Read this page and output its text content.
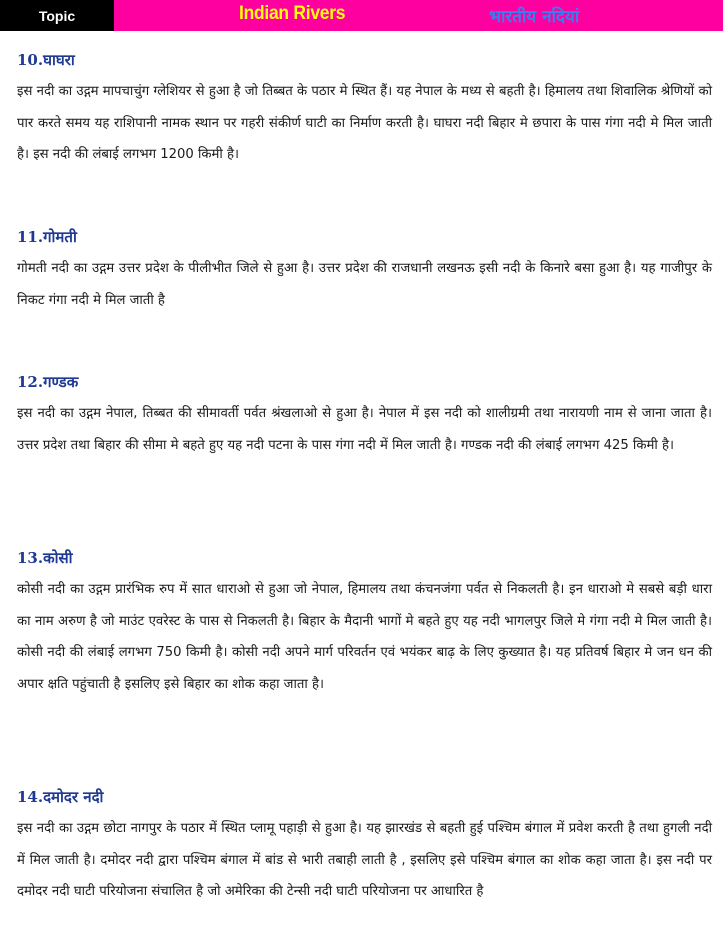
Topic	Indian Rivers	भारतीय नदियां
10.घाघरा

इस नदी का उद्गम मापचाचुंग ग्लेशियर से हुआ है जो तिब्बत के पठार मे स्थित हैं। यह नेपाल के मध्य से बहती है। हिमालय तथा शिवालिक श्रेणियों को पार करते समय यह राशिपानी नामक स्थान पर गहरी संकीर्ण घाटी का निर्माण करती है। घाघरा नदी बिहार मे छपारा के पास गंगा नदी मे मिल जाती है। इस नदी की लंबाई लगभग 1200 किमी है।

11.गोमती

गोमती नदी का उद्गम उत्तर प्रदेश के पीलीभीत जिले से हुआ है। उत्तर प्रदेश की राजधानी लखनऊ इसी नदी के किनारे बसा हुआ है। यह गाजीपुर के निकट गंगा नदी मे मिल जाती है

12.गण्डक

इस नदी का उद्गम नेपाल, तिब्बत की सीमावर्ती पर्वत श्रंखलाओ से हुआ है। नेपाल में इस नदी को शालीग्रमी तथा नारायणी नाम से जाना जाता है। उत्तर प्रदेश तथा बिहार की सीमा मे बहते हुए यह नदी पटना के पास गंगा नदी में मिल जाती है। गण्डक नदी की लंबाई लगभग 425 किमी है।

13.कोसी

कोसी नदी का उद्गम प्रारंभिक रुप में सात धाराओ से हुआ जो नेपाल, हिमालय तथा कंचनजंगा पर्वत से निकलती है। इन धाराओ मे सबसे बड़ी धारा का नाम अरुण है जो माउंट एवरेस्ट के पास से निकलती है। बिहार के मैदानी भागों मे बहते हुए यह नदी भागलपुर जिले मे गंगा नदी मे मिल जाती है। कोसी नदी की लंबाई लगभग 750 किमी है। कोसी नदी अपने मार्ग परिवर्तन एवं भयंकर बाढ़ के लिए कुख्यात है। यह प्रतिवर्ष बिहार मे जन धन की अपार क्षति पहुंचाती है इसलिए इसे बिहार का शोक कहा जाता है।

14.दमोदर नदी

इस नदी का उद्गम छोटा नागपुर के पठार में स्थित प्लामू पहाड़ी से हुआ है। यह झारखंड से बहती हुई पश्चिम बंगाल में प्रवेश करती है तथा हुगली नदी में मिल जाती है। दमोदर नदी द्वारा पश्चिम बंगाल में बांड से भारी तबाही लाती है , इसलिए इसे पश्चिम बंगाल का शोक कहा जाता है। इस नदी पर दमोदर नदी घाटी परियोजना संचालित है जो अमेरिका की टेन्सी नदी घाटी परियोजना पर आधारित है
